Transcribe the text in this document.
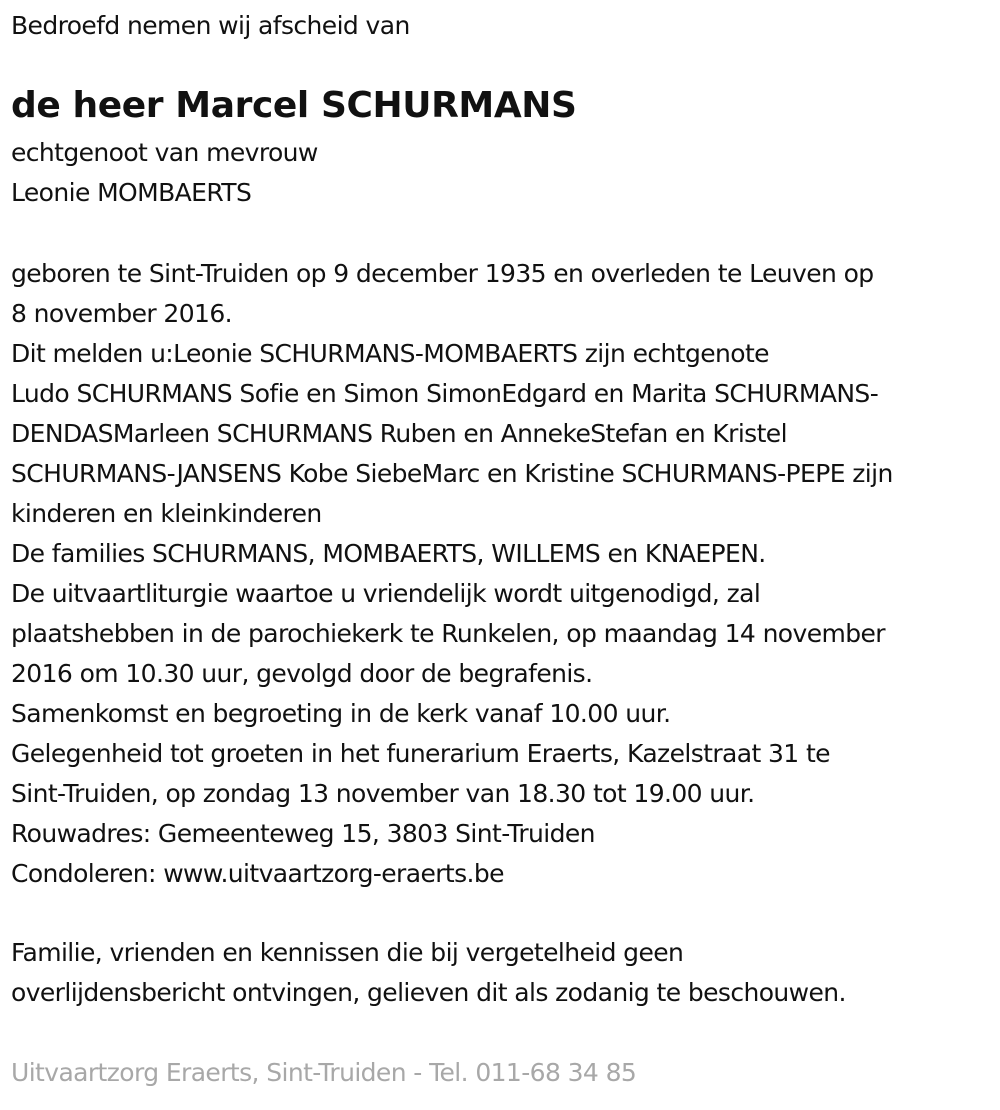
Bedroefd nemen wij afscheid van

de heer Marcel SCHURMANS

echtgenoot van mevrouw

Leonie MOMBAERTS

geboren te Sint-Truiden op 9 december 1935 en overleden te Leuven op

8 november 2016.

Dit melden u:Leonie SCHURMANS-MOMBAERTS zijn echtgenote

Ludo SCHURMANS Sofie en Simon SimonEdgard en Marita SCHURMANS-

DENDASMarleen SCHURMANS Ruben en AnnekeStefan en Kristel

SCHURMANS-JANSENS Kobe SiebeMarc en Kristine SCHURMANS-PEPE zijn

kinderen en kleinkinderen

De families SCHURMANS, MOMBAERTS, WILLEMS en KNAEPEN.

De uitvaartliturgie waartoe u vriendelijk wordt uitgenodigd, zal

plaatshebben in de parochiekerk te Runkelen, op maandag 14 november

2016 om 10.30 uur, gevolgd door de begrafenis.

Samenkomst en begroeting in de kerk vanaf 10.00 uur.

Gelegenheid tot groeten in het funerarium Eraerts, Kazelstraat 31 te

Sint-Truiden, op zondag 13 november van 18.30 tot 19.00 uur.

Rouwadres: Gemeenteweg 15, 3803 Sint-Truiden

Condoleren: www.uitvaartzorg-eraerts.be

Familie, vrienden en kennissen die bij vergetelheid geen

overlijdensbericht ontvingen, gelieven dit als zodanig te beschouwen.

Uitvaartzorg Eraerts, Sint-Truiden - Tel. 011-68 34 85
